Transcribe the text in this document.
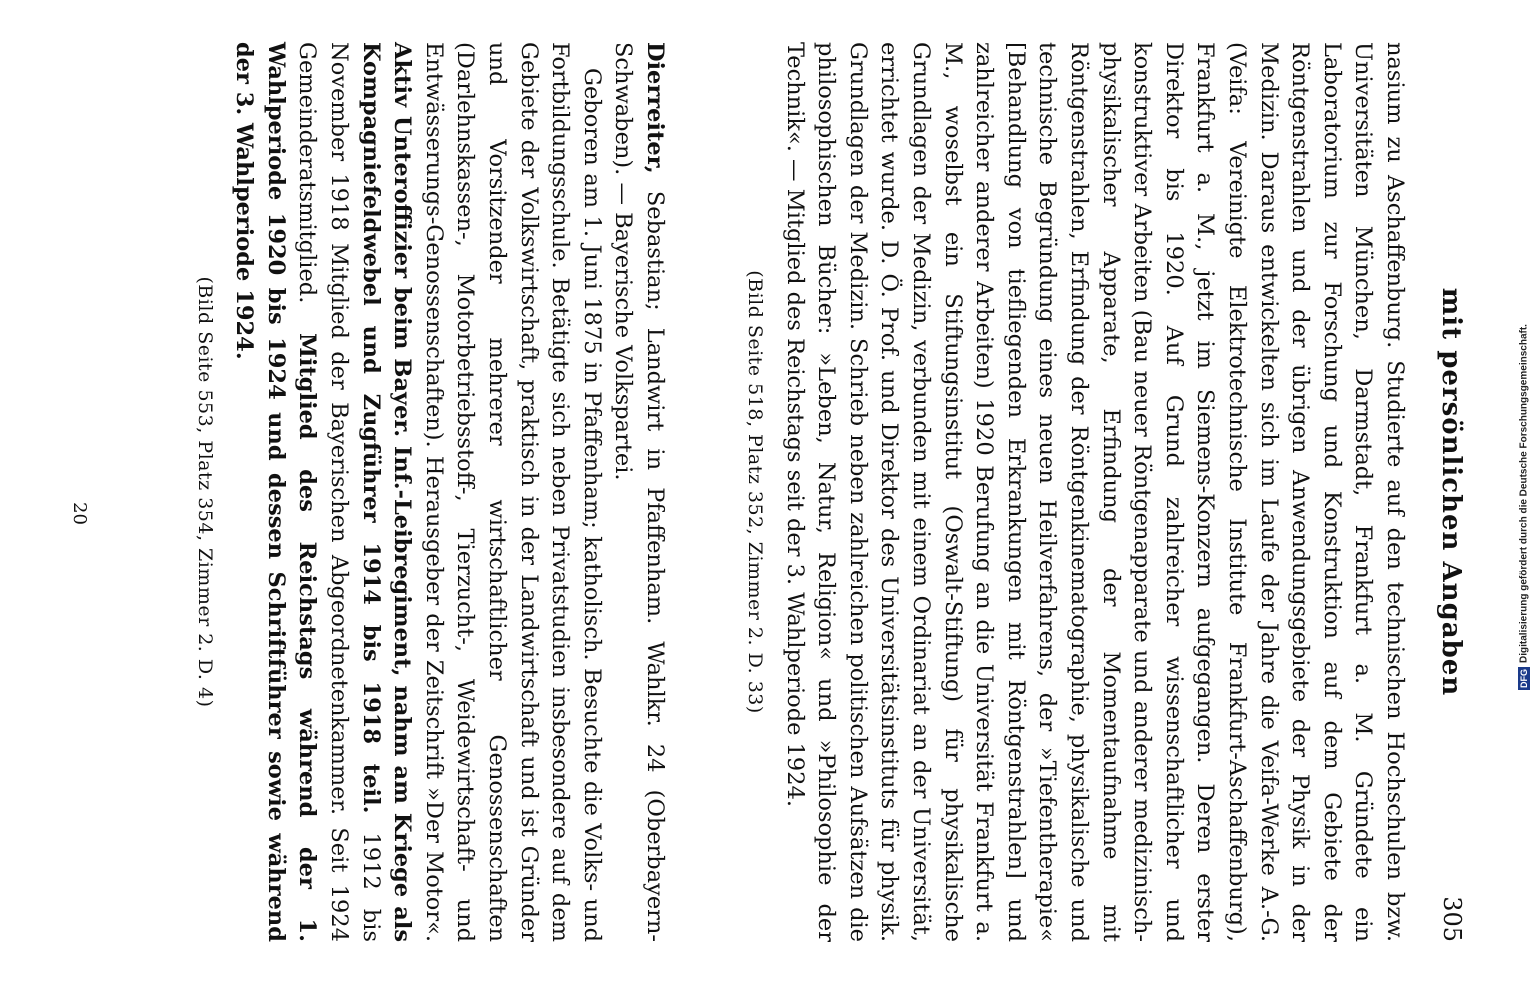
mit persönlichen Angaben
305

nasium zu Aschaffenburg. Studierte auf den technischen Hochschulen bzw. Universitäten München, Darmstadt, Frankfurt a. M. Gründete ein Laboratorium zur Forschung und Konstruktion auf dem Gebiete der Röntgenstrahlen und der übrigen Anwendungsgebiete der Physik in der Medizin. Daraus entwickelten sich im Laufe der Jahre die Veifa-Werke A.-G. (Veifa: Vereinigte Elektrotechnische Institute Frankfurt-Aschaffenburg), Frankfurt a. M., jetzt im Siemens-Konzern aufgegangen. Deren erster Direktor bis 1920. Auf Grund zahlreicher wissenschaftlicher und konstruktiver Arbeiten (Bau neuer Röntgenapparate und anderer medizinisch-physikalischer Apparate, Erfindung der Momentaufnahme mit Röntgenstrahlen, Erfindung der Röntgenkinematographie, physikalische und technische Begründung eines neuen Heilverfahrens, der »Tiefentherapie« [Behandlung von tiefliegenden Erkrankungen mit Röntgenstrahlen] und zahlreicher anderer Arbeiten) 1920 Berufung an die Universität Frankfurt a. M., woselbst ein Stiftungsinstitut (Oswalt-Stiftung) für physikalische Grundlagen der Medizin, verbunden mit einem Ordinariat an der Universität, errichtet wurde. D. Ö. Prof. und Direktor des Universitätsinstituts für physik. Grundlagen der Medizin. Schrieb neben zahlreichen politischen Aufsätzen die philosophischen Bücher: »Leben, Natur, Religion« und »Philosophie der Technik«. — Mitglied des Reichstags seit der 3. Wahlperiode 1924.

(Bild Seite 518, Platz 352, Zimmer 2. D. 33)

Dierreiter, Sebastian; Landwirt in Pfaffenham. Wahlkr. 24 (Oberbayern-Schwaben). — Bayerische Volkspartei.

Geboren am 1. Juni 1875 in Pfaffenham; katholisch. Besuchte die Volks- und Fortbildungsschule. Betätigte sich neben Privatstudien insbesondere auf dem Gebiete der Volkswirtschaft, praktisch in der Landwirtschaft und ist Gründer und Vorsitzender mehrerer wirtschaftlicher Genossenschaften (Darlehnskassen-, Motorbetriebsstoff-, Tierzucht-, Weidewirtschaft- und Entwässerungs-Genossenschaften). Herausgeber der Zeitschrift »Der Motor«. Aktiv Unteroffizier beim Bayer. Inf.-Leibregiment, nahm am Kriege als Kompagniefeldwebel und Zugführer 1914 bis 1918 teil. 1912 bis November 1918 Mitglied der Bayerischen Abgeordnetenkammer. Seit 1924 Gemeinderatsmitglied. Mitglied des Reichstags während der 1. Wahlperiode 1920 bis 1924 und dessen Schriftführer sowie während der 3. Wahlperiode 1924.

(Bild Seite 553, Platz 354, Zimmer 2. D. 4)
20
DFG
Digitalisierung gefördert durch die Deutsche Forschungsgemeinschaft.
